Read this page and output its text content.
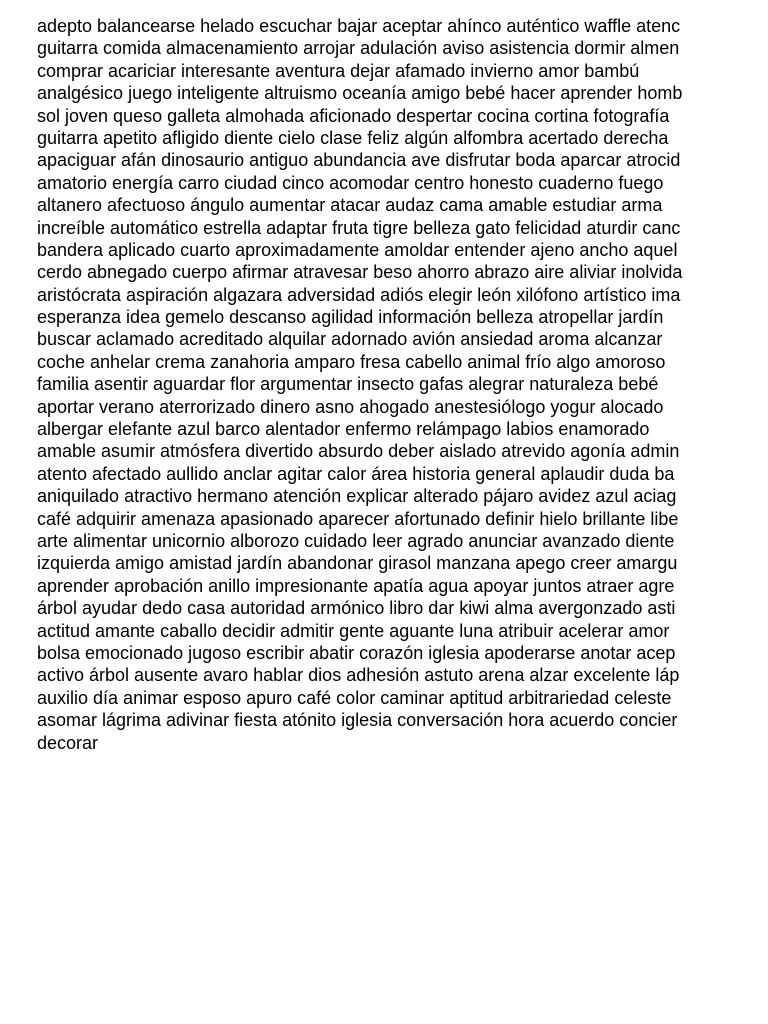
adepto balancearse helado escuchar bajar aceptar ahínco auténtico waffle atenc
guitarra comida almacenamiento arrojar adulación aviso asistencia dormir almen
comprar acariciar interesante aventura dejar afamado invierno amor bambú
analgésico juego inteligente altruismo oceanía amigo bebé hacer aprender homb
sol joven queso galleta almohada aficionado despertar cocina cortina fotografía
guitarra apetito afligido diente cielo clase feliz algún alfombra acertado derecha
apaciguar afán dinosaurio antiguo abundancia ave disfrutar boda aparcar atrocid
amatorio energía carro ciudad cinco acomodar centro honesto cuaderno fuego
altanero afectuoso ángulo aumentar atacar audaz cama amable estudiar arma
increíble automático estrella adaptar fruta tigre belleza gato felicidad aturdir canc
bandera aplicado cuarto aproximadamente amoldar entender ajeno ancho aquel
cerdo abnegado cuerpo afirmar atravesar beso ahorro abrazo aire aliviar inolvida
aristócrata aspiración algazara adversidad adiós elegir león xilófono artístico ima
esperanza idea gemelo descanso agilidad información belleza atropellar jardín
buscar aclamado acreditado alquilar adornado avión ansiedad aroma alcanzar
coche anhelar crema zanahoria amparo fresa cabello animal frío algo amoroso
familia asentir aguardar flor argumentar insecto gafas alegrar naturaleza bebé
aportar verano aterrorizado dinero asno ahogado anestesiólogo yogur alocado
albergar elefante azul barco alentador enfermo relámpago labios enamorado
amable asumir atmósfera divertido absurdo deber aislado atrevido agonía admin
atento afectado aullido anclar agitar calor área historia general aplaudir duda ba
aniquilado atractivo hermano atención explicar alterado pájaro avidez azul aciag
café adquirir amenaza apasionado aparecer afortunado definir hielo brillante libe
arte alimentar unicornio alborozo cuidado leer agrado anunciar avanzado diente
izquierda amigo amistad jardín abandonar girasol manzana apego creer amargu
aprender aprobación anillo impresionante apatía agua apoyar juntos atraer agre
árbol ayudar dedo casa autoridad armónico libro dar kiwi alma avergonzado asti
actitud amante caballo decidir admitir gente aguante luna atribuir acelerar amor
bolsa emocionado jugoso escribir abatir corazón iglesia apoderarse anotar acep
activo árbol ausente avaro hablar dios adhesión astuto arena alzar excelente láp
auxilio día animar esposo apuro café color caminar aptitud arbitrariedad celeste
asomar lágrima adivinar fiesta atónito iglesia conversación hora acuerdo concier
decorar
